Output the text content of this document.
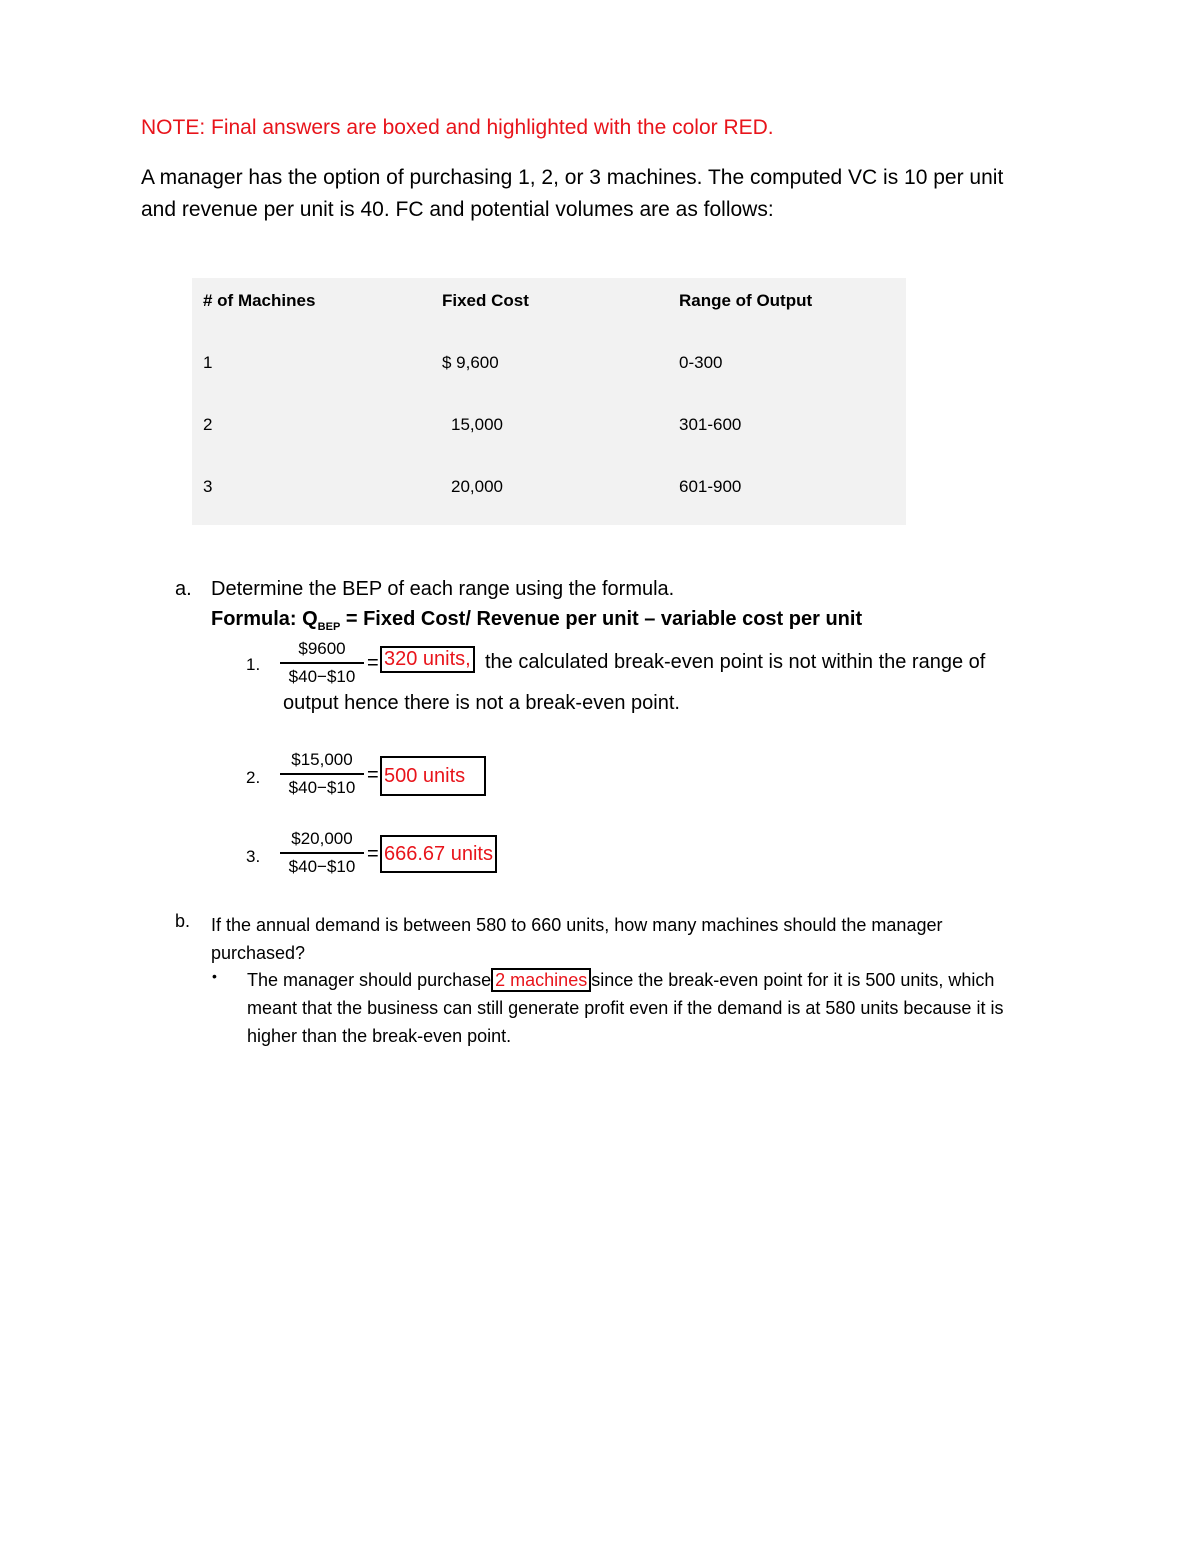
NOTE: Final answers are boxed and highlighted with the color RED.
A manager has the option of purchasing 1, 2, or 3 machines. The computed VC is 10 per unit and revenue per unit is 40. FC and potential volumes are as follows:
# of Machines	Fixed Cost	Range of Output
1	$ 9,600	0-300
2	15,000	301-600
3	20,000	601-900
a. Determine the BEP of each range using the formula.
Formula: $Q_{BEP}$ = Fixed Cost/ Revenue per unit – variable cost per unit
1. $\frac{\$9600}{\$40-\$10} = 320$ units, the calculated break-even point is not within the range of
output hence there is not a break-even point.
2. $\frac{\$15,000}{\$40-\$10} = 500$ units
3. $\frac{\$20,000}{\$40-\$10} = 666.67$ units
b. If the annual demand is between 580 to 660 units, how many machines should the manager purchased?
• The manager should purchase 2 machines since the break-even point for it is 500 units, which meant that the business can still generate profit even if the demand is at 580 units because it is higher than the break-even point.
